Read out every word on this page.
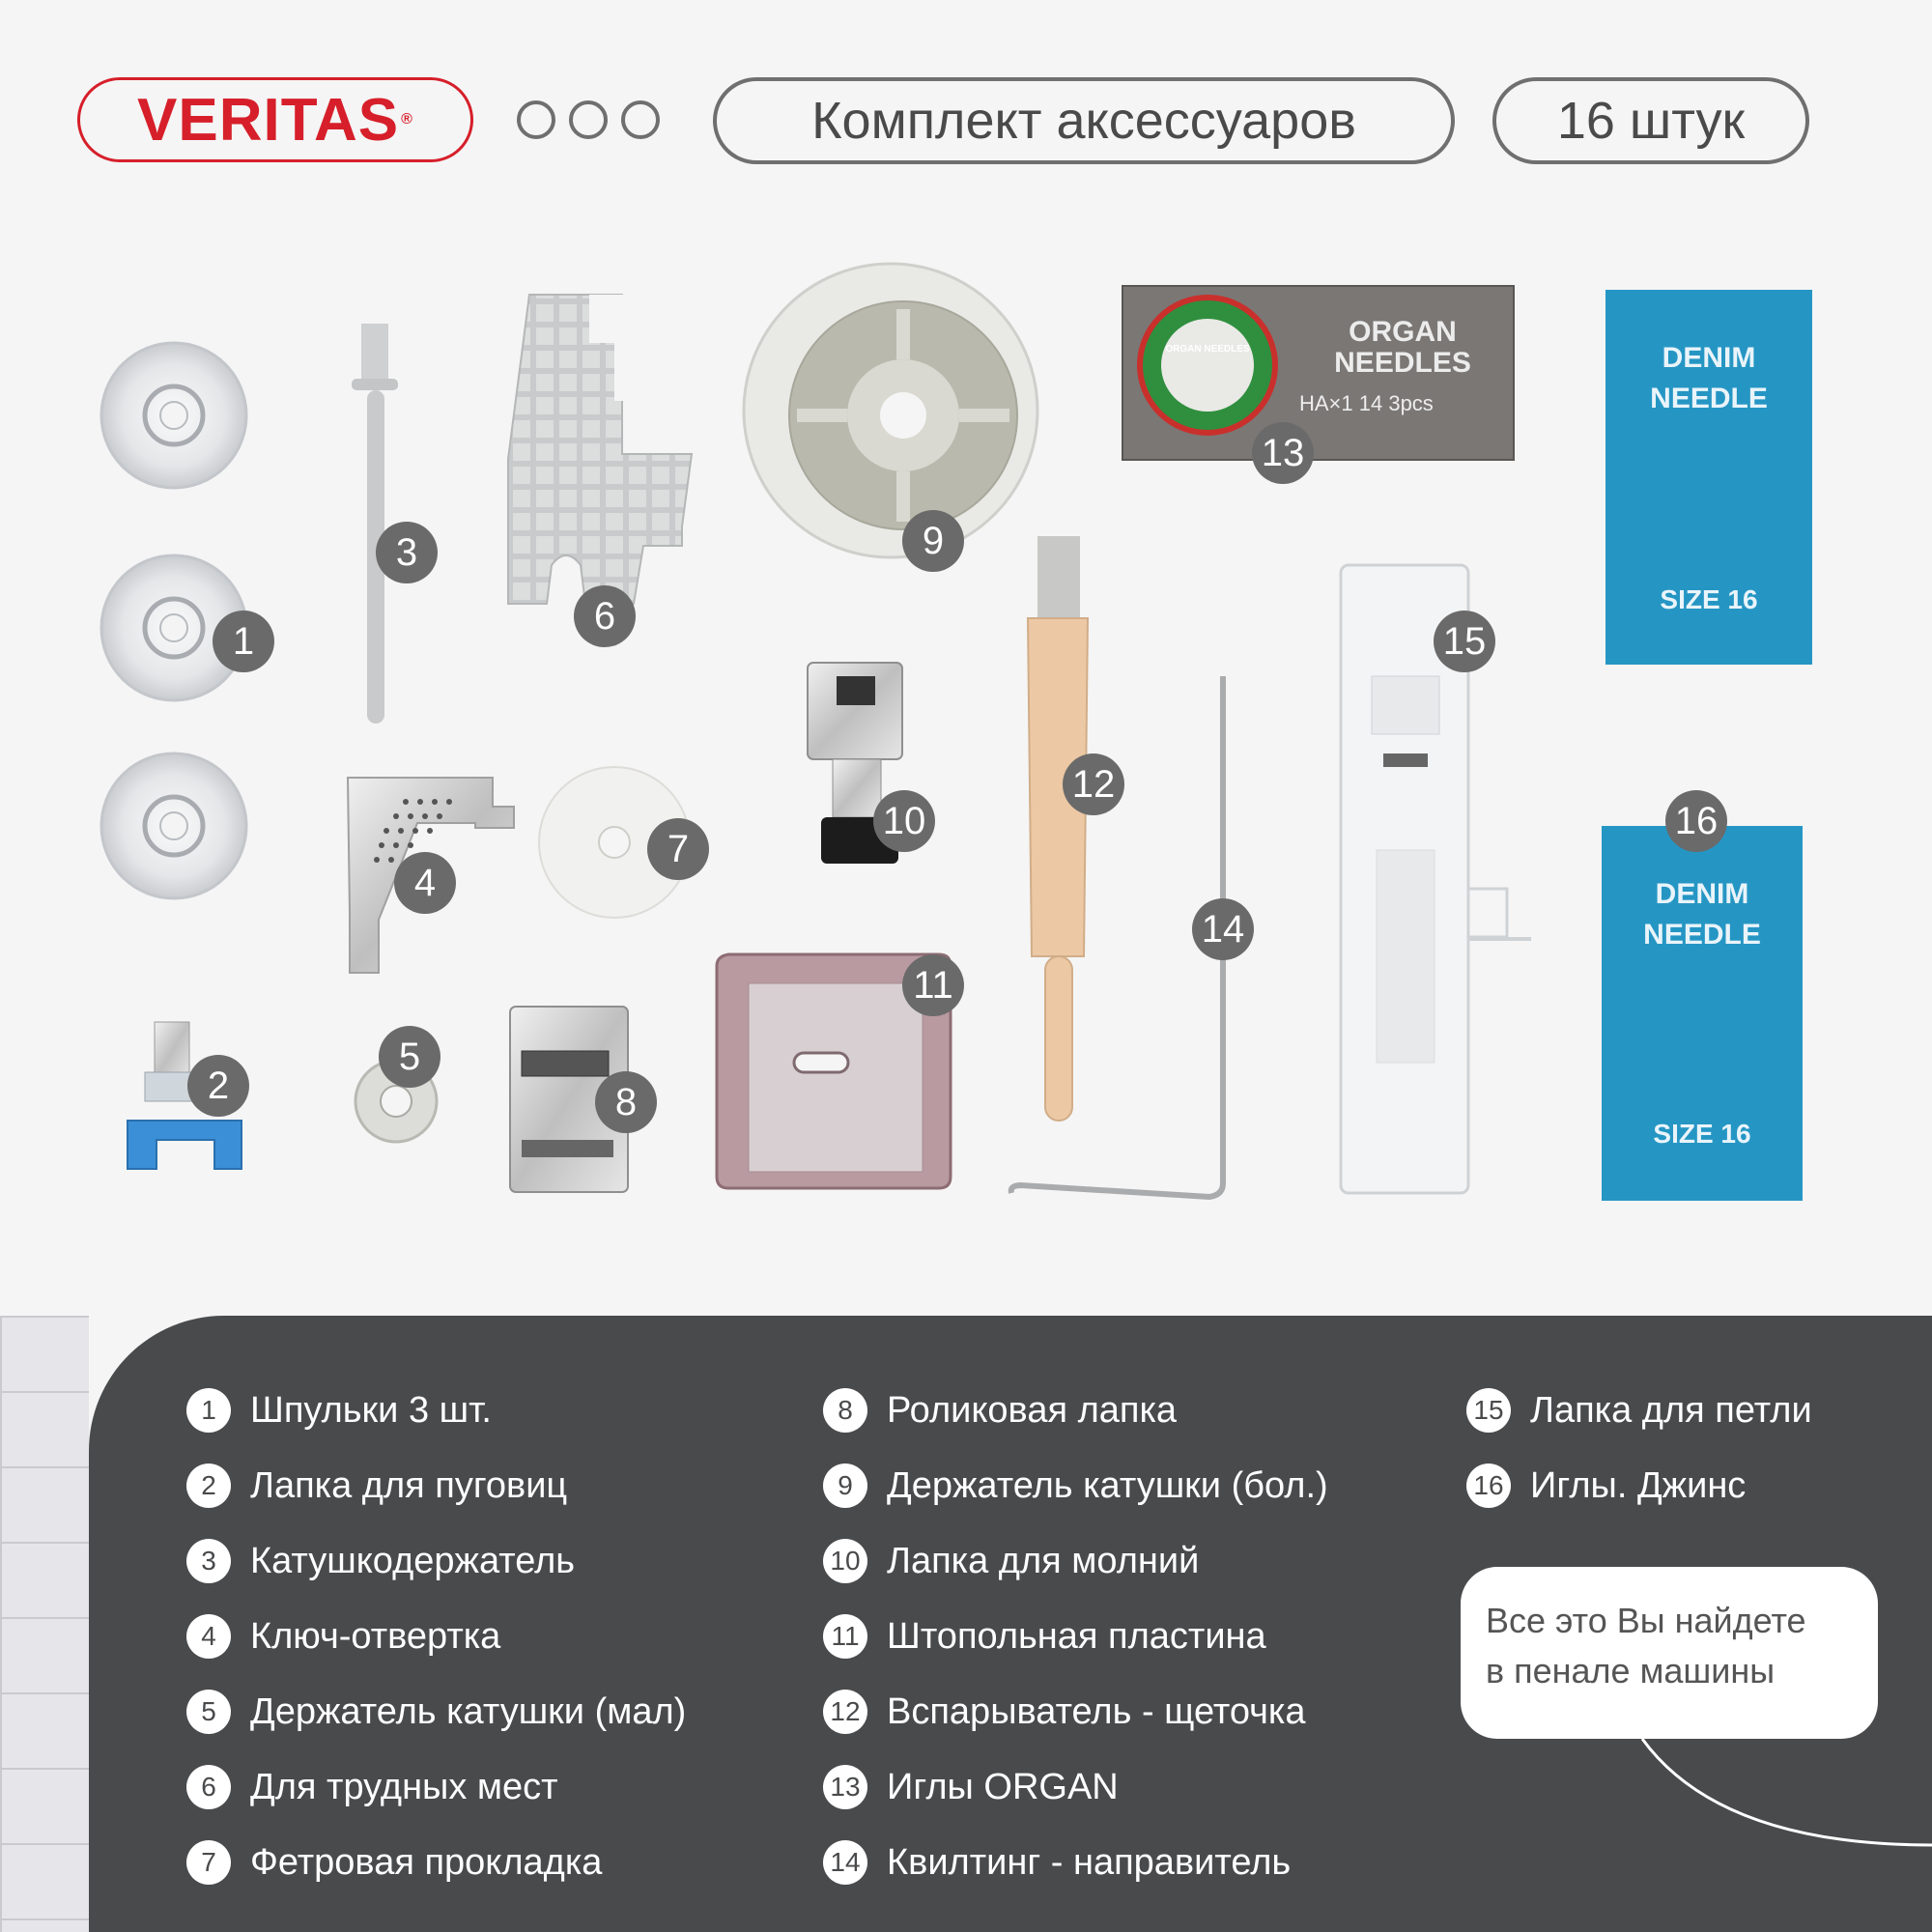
VERITAS ®	Комплект аксессуаров	16 штук
ORGAN
NEEDLES
ORGAN NEEDLES
HA×1 14 3pcs
DENIM
NEEDLE
SIZE 16
DENIM
NEEDLE
SIZE 16
1
2
3
4
5
6
7
8
9
10
11
12
13
14
15
16
1 Шпульки 3 шт.
2 Лапка для пуговиц
3 Катушкодержатель
4 Ключ-отвертка
5 Держатель катушки (мал)
6 Для трудных мест
7 Фетровая прокладка
8 Роликовая лапка
9 Держатель катушки (бол.)
10 Лапка для молний
11 Штопольная пластина
12 Вспарыватель - щеточка
13 Иглы ORGAN
14 Квилтинг - направитель
15 Лапка для петли
16 Иглы. Джинс
Все это Вы найдете
в пенале машины
